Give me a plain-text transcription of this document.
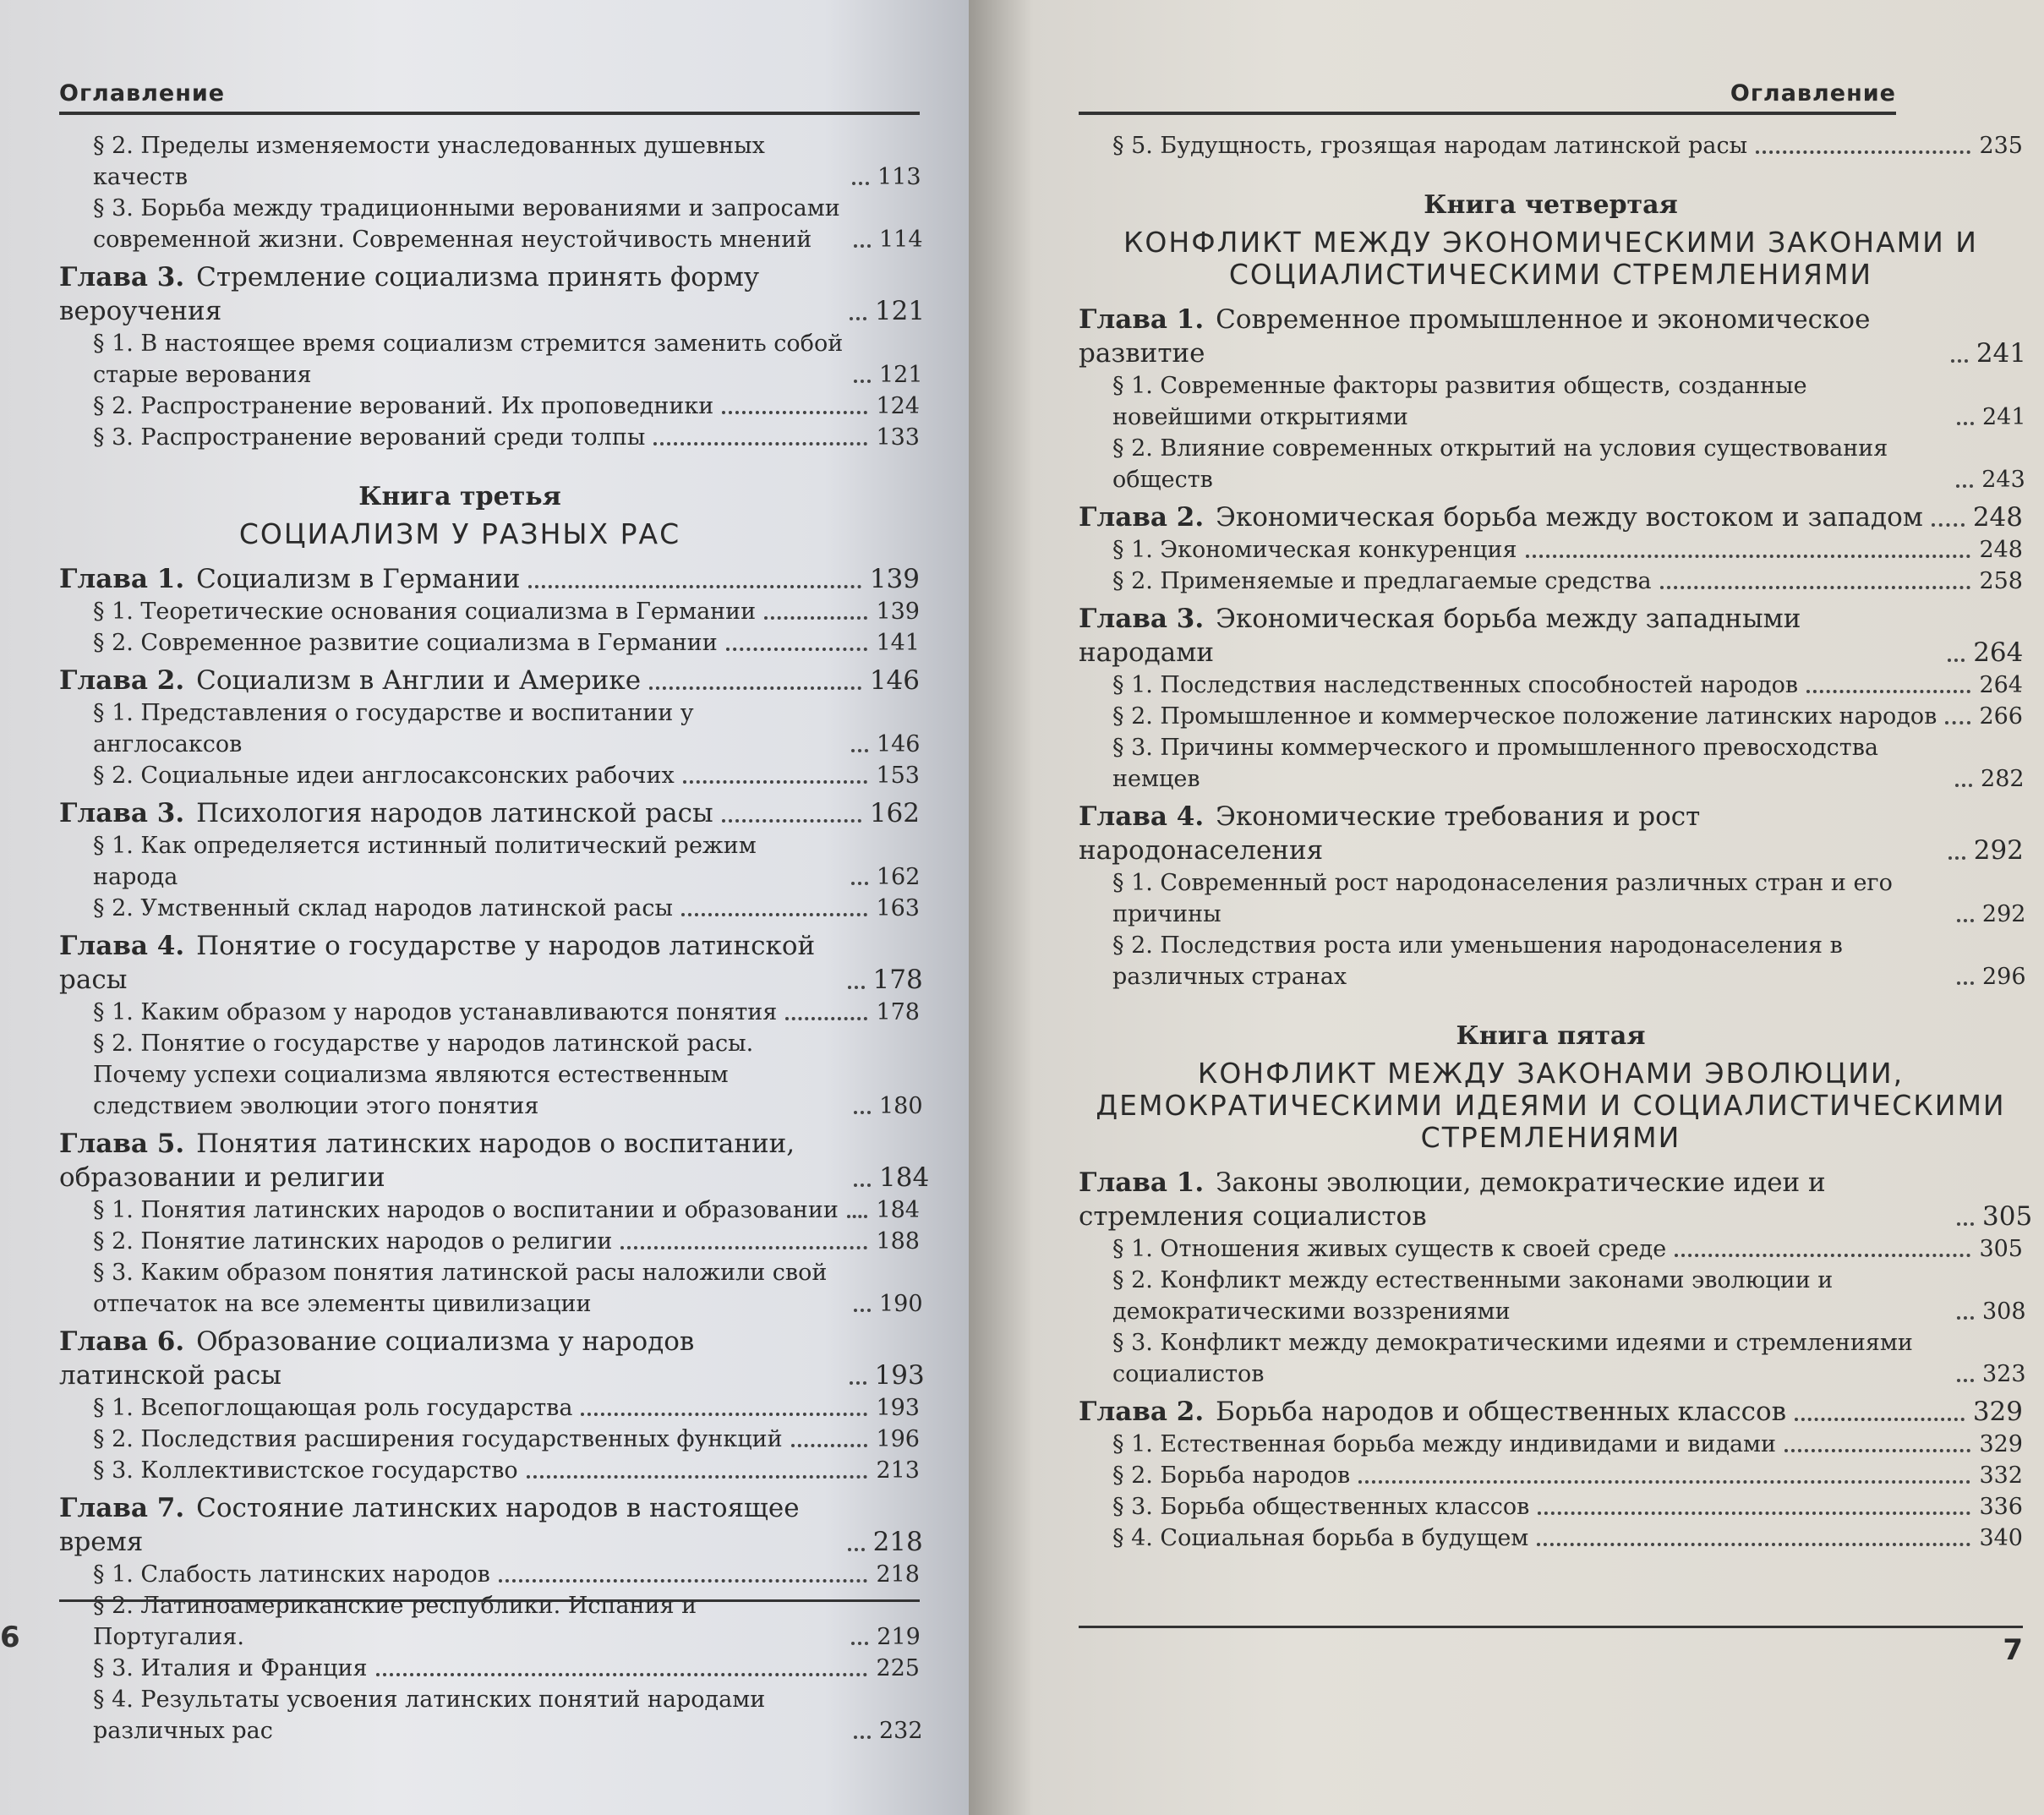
Оглавление
§ 2. Пределы изменяемости унаследованных душевных качеств	113
§ 3. Борьба между традиционными верованиями и запросами современной жизни. Современная неустойчивость мнений	114
Глава 3. Стремление социализма принять форму вероучения	121
§ 1. В настоящее время социализм стремится заменить собой старые верования	121
§ 2. Распространение верований. Их проповедники	124
§ 3. Распространение верований среди толпы	133
Книга третья
СОЦИАЛИЗМ У РАЗНЫХ РАС
Глава 1. Социализм в Германии	139
§ 1. Теоретические основания социализма в Германии	139
§ 2. Современное развитие социализма в Германии	141
Глава 2. Социализм в Англии и Америке	146
§ 1. Представления о государстве и воспитании у англосаксов	146
§ 2. Социальные идеи англосаксонских рабочих	153
Глава 3. Психология народов латинской расы	162
§ 1. Как определяется истинный политический режим народа	162
§ 2. Умственный склад народов латинской расы	163
Глава 4. Понятие о государстве у народов латинской расы	178
§ 1. Каким образом у народов устанавливаются понятия	178
§ 2. Понятие о государстве у народов латинской расы. Почему успехи социализма являются естественным следствием эволюции этого понятия	180
Глава 5. Понятия латинских народов о воспитании, образовании и религии	184
§ 1. Понятия латинских народов о воспитании и образовании 184
§ 2. Понятие латинских народов о религии	188
§ 3. Каким образом понятия латинской расы наложили свой отпечаток на все элементы цивилизации	190
Глава 6. Образование социализма у народов латинской расы	193
§ 1. Всепоглощающая роль государства	193
§ 2. Последствия расширения государственных функций	196
§ 3. Коллективистское государство	213
Глава 7. Состояние латинских народов в настоящее время	218
§ 1. Слабость латинских народов	218
§ 2. Латиноамериканские республики. Испания и Португалия.	219
§ 3. Италия и Франция	225
§ 4. Результаты усвоения латинских понятий народами различных рас	232
6
Оглавление
§ 5. Будущность, грозящая народам латинской расы	235
Книга четвертая
КОНФЛИКТ МЕЖДУ ЭКОНОМИЧЕСКИМИ ЗАКОНАМИ И СОЦИАЛИСТИЧЕСКИМИ СТРЕМЛЕНИЯМИ
Глава 1. Современное промышленное и экономическое развитие	241
§ 1. Современные факторы развития обществ, созданные новейшими открытиями	241
§ 2. Влияние современных открытий на условия существования обществ	243
Глава 2. Экономическая борьба между востоком и западом 248
§ 1. Экономическая конкуренция	248
§ 2. Применяемые и предлагаемые средства	258
Глава 3. Экономическая борьба между западными народами	264
§ 1. Последствия наследственных способностей народов	264
§ 2. Промышленное и коммерческое положение латинских народов 266
§ 3. Причины коммерческого и промышленного превосходства немцев	282
Глава 4. Экономические требования и рост народонаселения	292
§ 1. Современный рост народонаселения различных стран и его причины	292
§ 2. Последствия роста или уменьшения народонаселения в различных странах	296
Книга пятая
КОНФЛИКТ МЕЖДУ ЗАКОНАМИ ЭВОЛЮЦИИ, ДЕМОКРАТИЧЕСКИМИ ИДЕЯМИ И СОЦИАЛИСТИЧЕСКИМИ СТРЕМЛЕНИЯМИ
Глава 1. Законы эволюции, демократические идеи и стремления социалистов	305
§ 1. Отношения живых существ к своей среде	305
§ 2. Конфликт между естественными законами эволюции и демократическими воззрениями	308
§ 3. Конфликт между демократическими идеями и стремлениями социалистов	323
Глава 2. Борьба народов и общественных классов	329
§ 1. Естественная борьба между индивидами и видами	329
§ 2. Борьба народов	332
§ 3. Борьба общественных классов	336
§ 4. Социальная борьба в будущем	340
7
